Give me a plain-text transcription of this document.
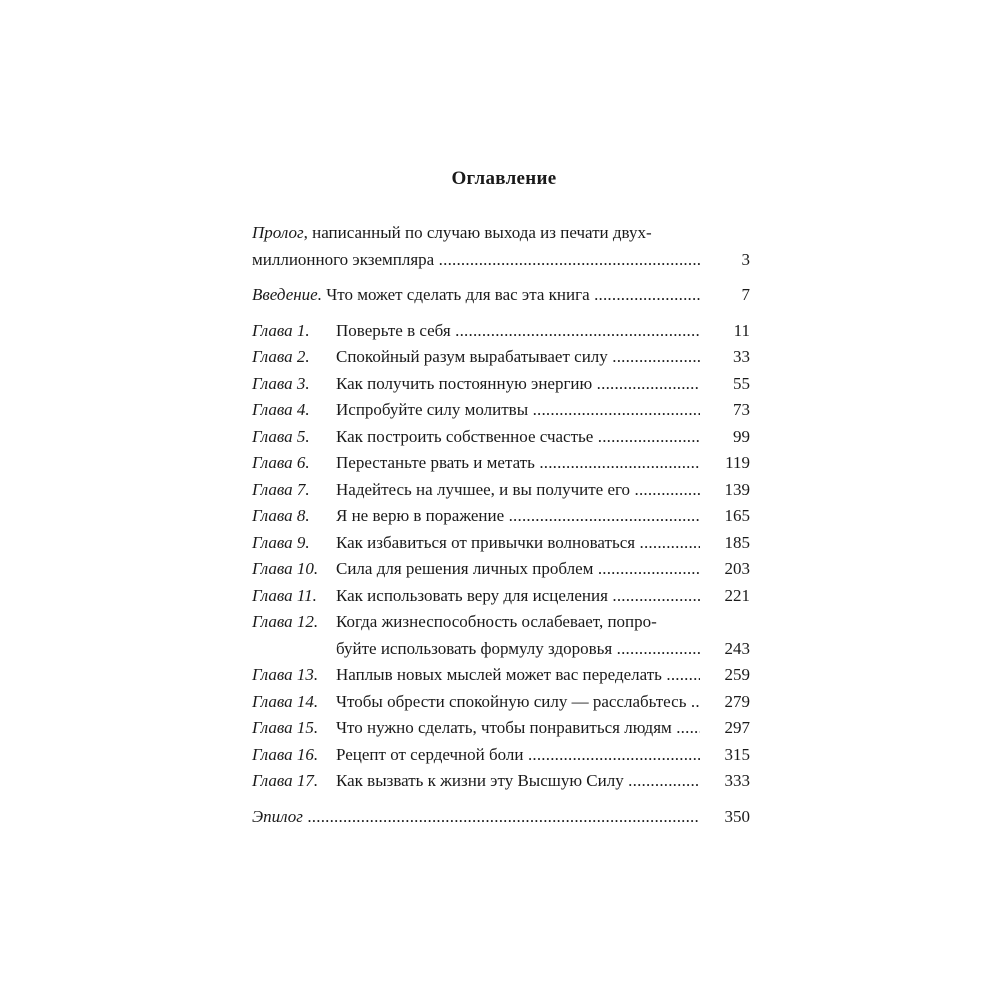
Оглавление
Пролог, написанный по случаю выхода из печати двух-
миллионного экземпляра .....	3
Введение. Что может сделать для вас эта книга .....	7
Глава 1. Поверьте в себя .....	11
Глава 2. Спокойный разум вырабатывает силу .....	33
Глава 3. Как получить постоянную энергию .....	55
Глава 4. Испробуйте силу молитвы .....	73
Глава 5. Как построить собственное счастье .....	99
Глава 6. Перестаньте рвать и метать .....	119
Глава 7. Надейтесь на лучшее, и вы получите его .....	139
Глава 8. Я не верю в поражение .....	165
Глава 9. Как избавиться от привычки волноваться .....	185
Глава 10. Сила для решения личных проблем .....	203
Глава 11. Как использовать веру для исцеления .....	221
Глава 12. Когда жизнеспособность ослабевает, попро-
буйте использовать формулу здоровья .....	243
Глава 13. Наплыв новых мыслей может вас переделать .....	259
Глава 14. Чтобы обрести спокойную силу — расслабьтесь .....	279
Глава 15. Что нужно сделать, чтобы понравиться людям .....	297
Глава 16. Рецепт от сердечной боли .....	315
Глава 17. Как вызвать к жизни эту Высшую Силу .....	333
Эпилог .....	350
